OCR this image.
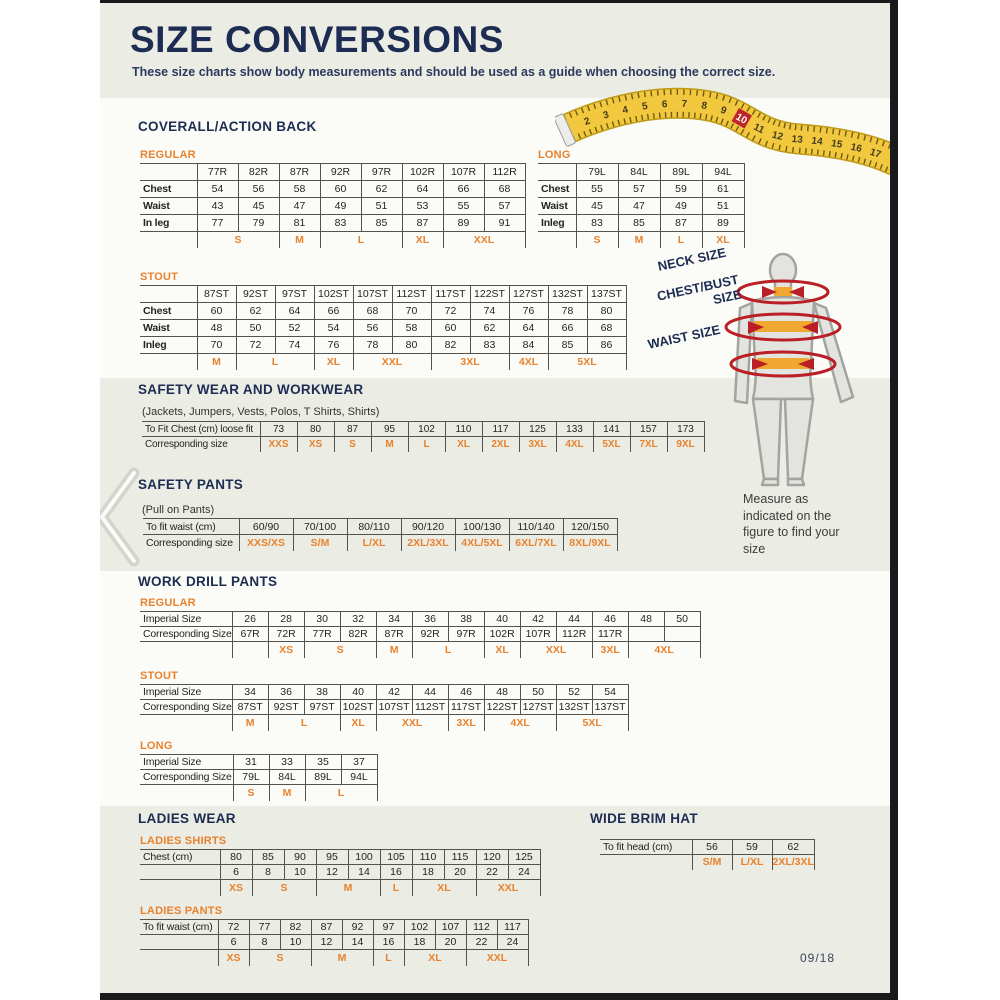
2
3 4 5 6 7 8 9
10
11
12 13 14 15 16 17
SIZE CONVERSIONS
These size charts show body measurements and should be used as a guide when choosing the correct size.
COVERALL/ACTION BACK
SAFETY WEAR AND WORKWEAR
(Jackets, Jumpers, Vests, Polos, T Shirts, Shirts)
SAFETY PANTS
(Pull on Pants)
WORK DRILL PANTS
LADIES WEAR	WIDE BRIM HAT
REGULAR
	77R	82R	87R	92R	97R	102R	107R	112R
Chest	54	56	58	60	62	64	66	68
Waist	43	45	47	49	51	53	55	57
In leg	77	79	81	83	85	87	89	91
	S		M	L		XL	XXL	
LONG
	79L	84L	89L	94L
Chest	55	57	59	61
Waist	45	47	49	51
Inleg	83	85	87	89
	S	M	L	XL
STOUT
	87ST	92ST	97ST	102ST	107ST	112ST	117ST	122ST	127ST	132ST	137ST
Chest	60	62	64	66	68	70	72	74	76	78	80
Waist	48	50	52	54	56	58	60	62	64	66	68
Inleg	70	72	74	76	78	80	82	83	84	85	86
	M	L		XL	XXL		3XL		4XL	5XL	
To Fit Chest (cm) loose fit	73	80	87	95	102	110	117	125	133	141	157	173
Corresponding size	XXS	XS	S	M	L	XL	2XL	3XL	4XL	5XL	7XL	9XL
To fit waist (cm)	60/90	70/100	80/110	90/120	100/130	110/140	120/150
Corresponding size	XXS/XS	S/M	L/XL	2XL/3XL	4XL/5XL	6XL/7XL	8XL/9XL
REGULAR
Imperial Size	26	28	30	32	34	36	38	40	42	44	46	48	50
Corresponding Size	67R	72R	77R	82R	87R	92R	97R	102R	107R	112R	117R		
		XS	S		M	L		XL	XXL		3XL	4XL	
STOUT
Imperial Size	34	36	38	40	42	44	46	48	50	52	54
Corresponding Size	87ST	92ST	97ST	102ST	107ST	112ST	117ST	122ST	127ST	132ST	137ST
	M	L		XL	XXL		3XL	4XL		5XL	
LONG
Imperial Size	31	33	35	37
Corresponding Size	79L	84L	89L	94L
	S	M	L	
LADIES SHIRTS
Chest (cm)	80	85	90	95	100	105	110	115	120	125
	6	8	10	12	14	16	18	20	22	24
	XS	S		M		L	XL		XXL	
LADIES PANTS
To fit waist (cm)	72	77	82	87	92	97	102	107	112	117
	6	8	10	12	14	16	18	20	22	24
	XS	S		M		L	XL		XXL	
To fit head (cm)	56	59	62
	S/M	L/XL	2XL/3XL
NECK SIZE
CHEST/BUST SIZE
WAIST SIZE
Measure as indicated on the figure to find your size
09/18
